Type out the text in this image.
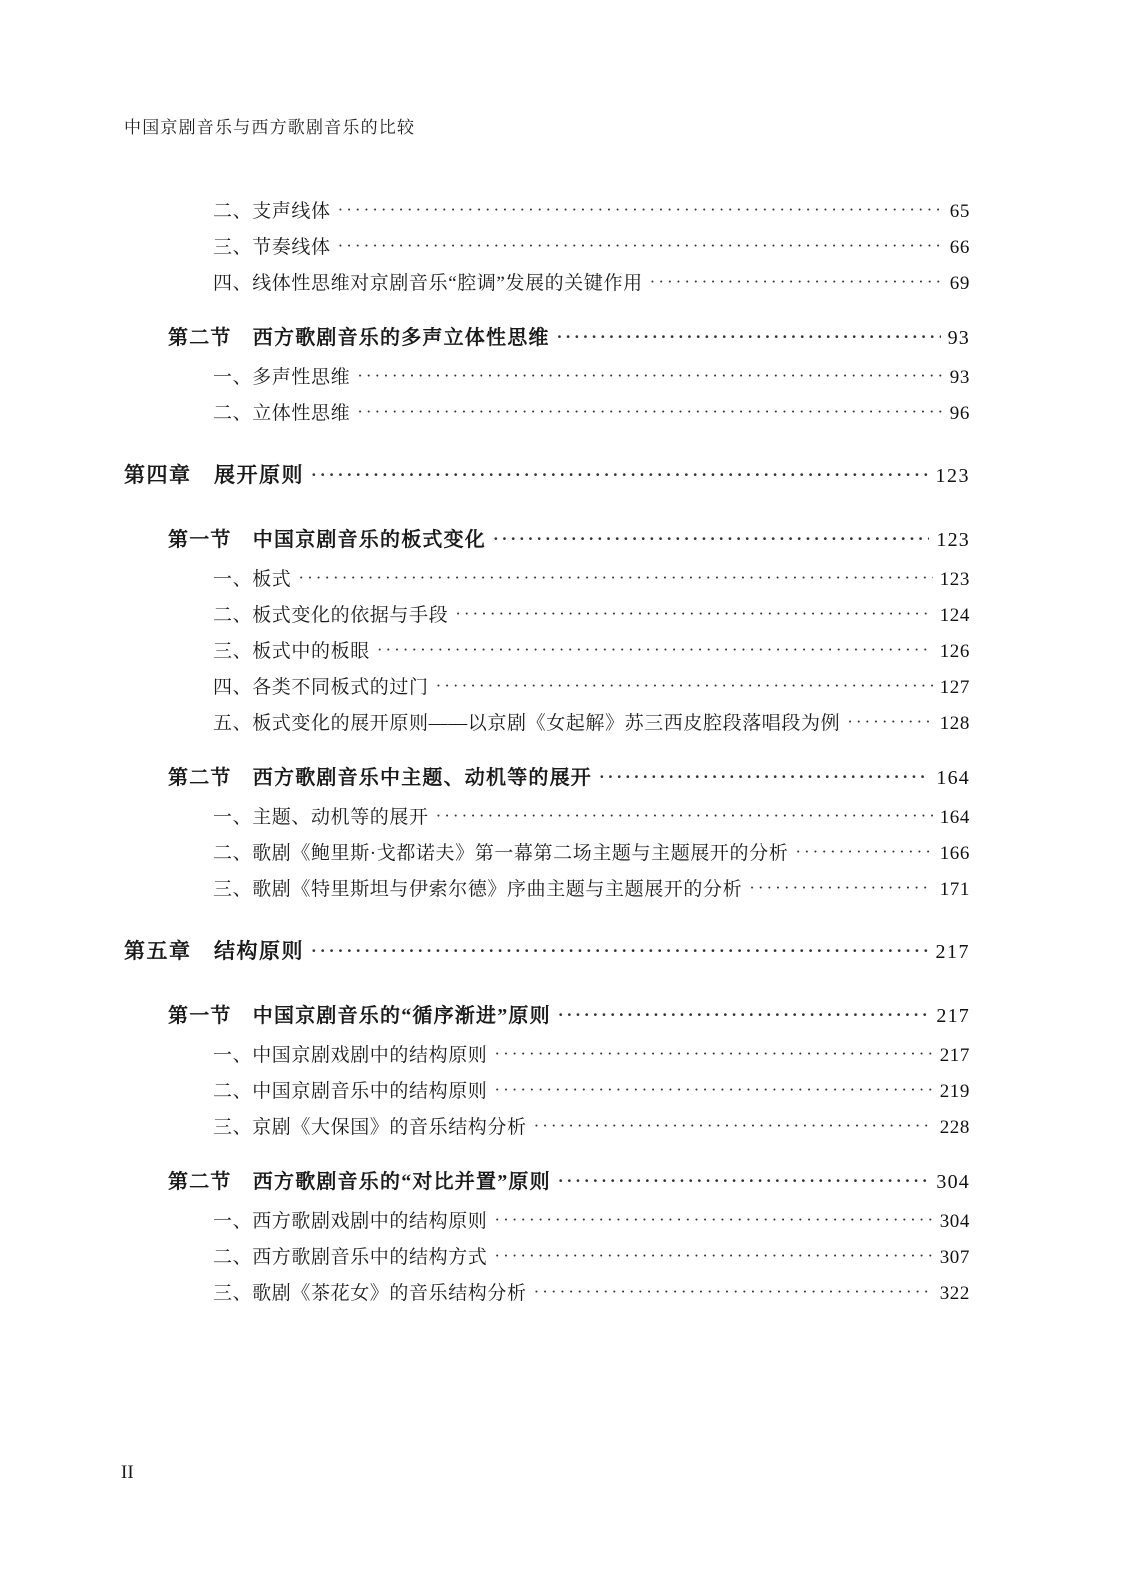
中国京剧音乐与西方歌剧音乐的比较
二、支声线体 ·····	65
三、节奏线体 ·····	66
四、线体性思维对京剧音乐“腔调”发展的关键作用 ·····	69
第二节　西方歌剧音乐的多声立体性思维 ·····	93
一、多声性思维 ·····	93
二、立体性思维 ·····	96
第四章　展开原则 ·····	123
第一节　中国京剧音乐的板式变化 ·····	123
一、板式 ·····	123
二、板式变化的依据与手段 ·····	124
三、板式中的板眼 ·····	126
四、各类不同板式的过门 ·····	127
五、板式变化的展开原则——以京剧《女起解》苏三西皮腔段落唱段为例 ·····	128
第二节　西方歌剧音乐中主题、动机等的展开 ·····	164
一、主题、动机等的展开 ·····	164
二、歌剧《鲍里斯·戈都诺夫》第一幕第二场主题与主题展开的分析 ·····	166
三、歌剧《特里斯坦与伊索尔德》序曲主题与主题展开的分析 ·····	171
第五章　结构原则 ·····	217
第一节　中国京剧音乐的“循序渐进”原则 ·····	217
一、中国京剧戏剧中的结构原则 ·····	217
二、中国京剧音乐中的结构原则 ·····	219
三、京剧《大保国》的音乐结构分析 ·····	228
第二节　西方歌剧音乐的“对比并置”原则 ·····	304
一、西方歌剧戏剧中的结构原则 ·····	304
二、西方歌剧音乐中的结构方式 ·····	307
三、歌剧《茶花女》的音乐结构分析 ·····	322
II
